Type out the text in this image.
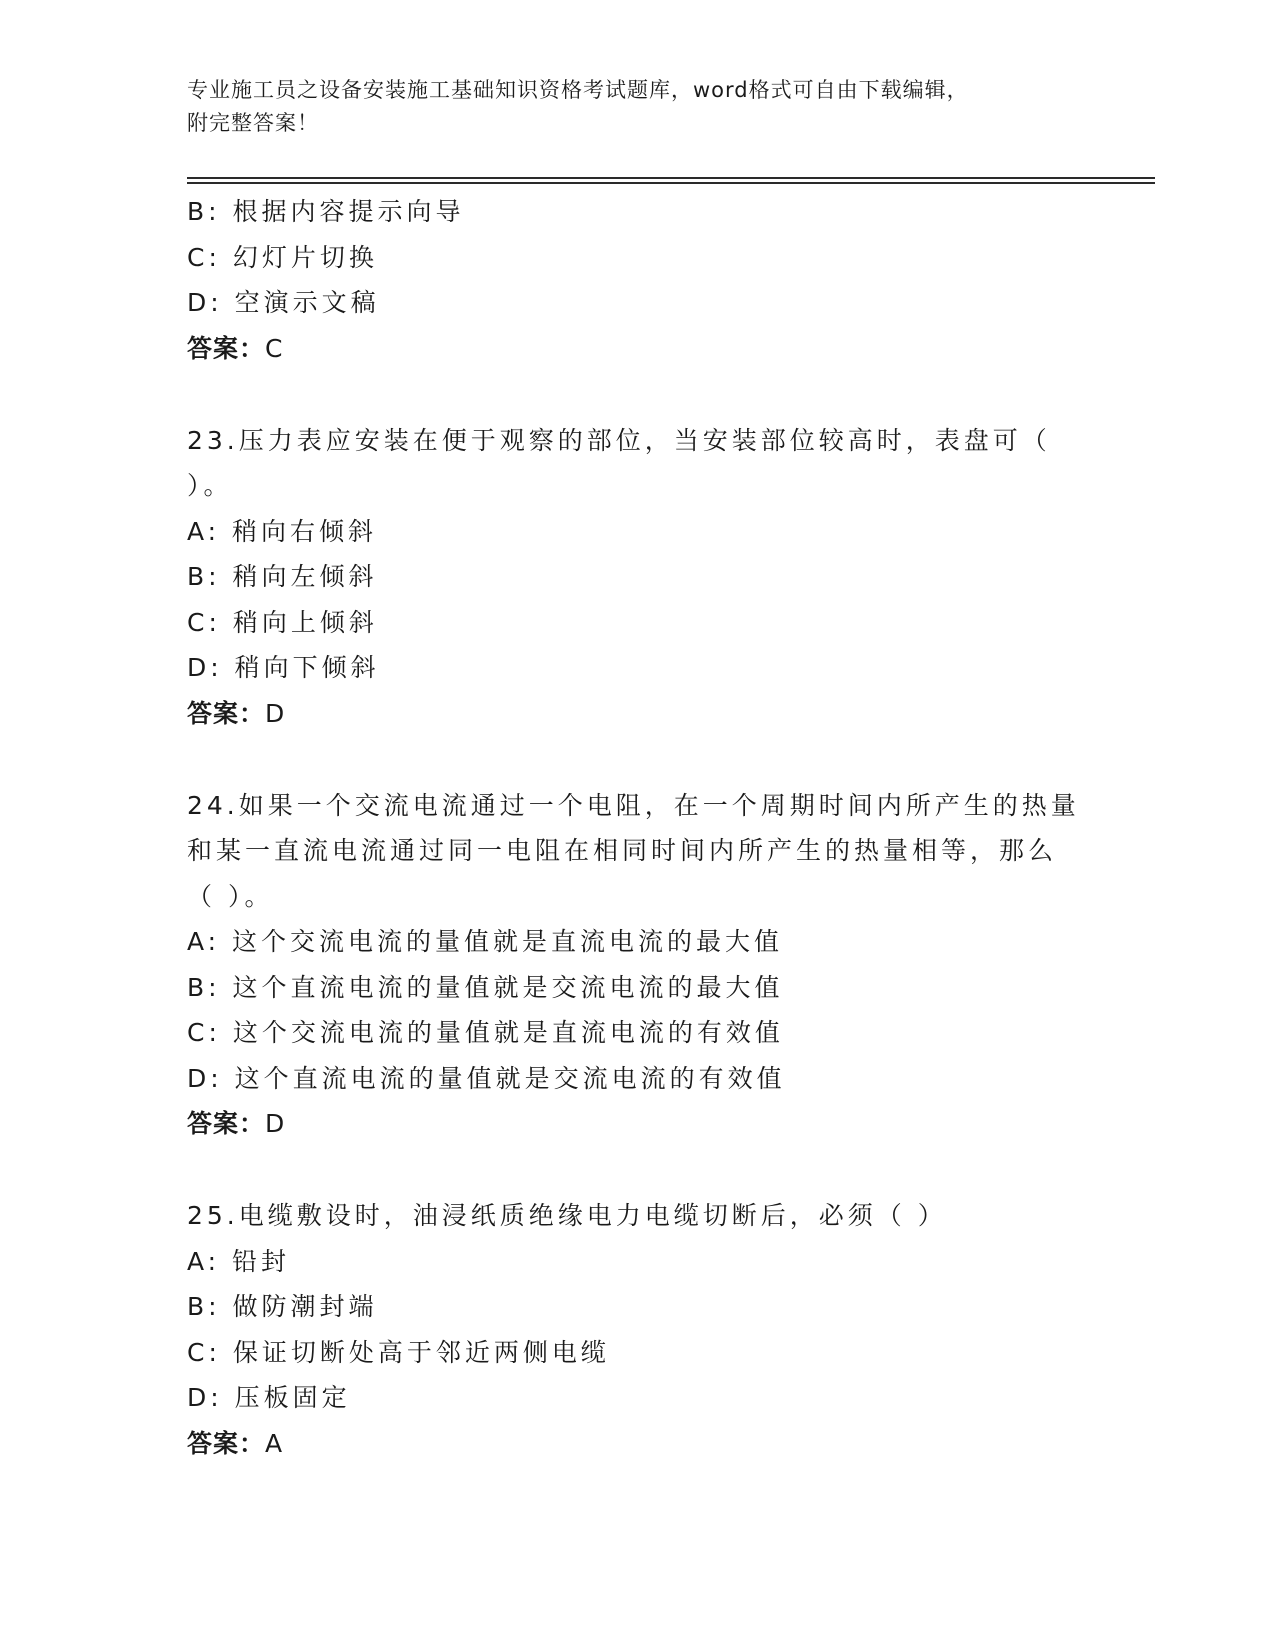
专业施工员之设备安装施工基础知识资格考试题库，word格式可自由下载编辑，
附完整答案！
B: 根据内容提示向导
C: 幻灯片切换
D: 空演示文稿
答案：C
23.压力表应安装在便于观察的部位，当安装部位较高时，表盘可（
）。
A: 稍向右倾斜
B: 稍向左倾斜
C: 稍向上倾斜
D: 稍向下倾斜
答案：D
24.如果一个交流电流通过一个电阻，在一个周期时间内所产生的热量
和某一直流电流通过同一电阻在相同时间内所产生的热量相等，那么
（ ）。
A: 这个交流电流的量值就是直流电流的最大值
B: 这个直流电流的量值就是交流电流的最大值
C: 这个交流电流的量值就是直流电流的有效值
D: 这个直流电流的量值就是交流电流的有效值
答案：D
25.电缆敷设时，油浸纸质绝缘电力电缆切断后，必须（ ）
A: 铅封
B: 做防潮封端
C: 保证切断处高于邻近两侧电缆
D: 压板固定
答案：A
